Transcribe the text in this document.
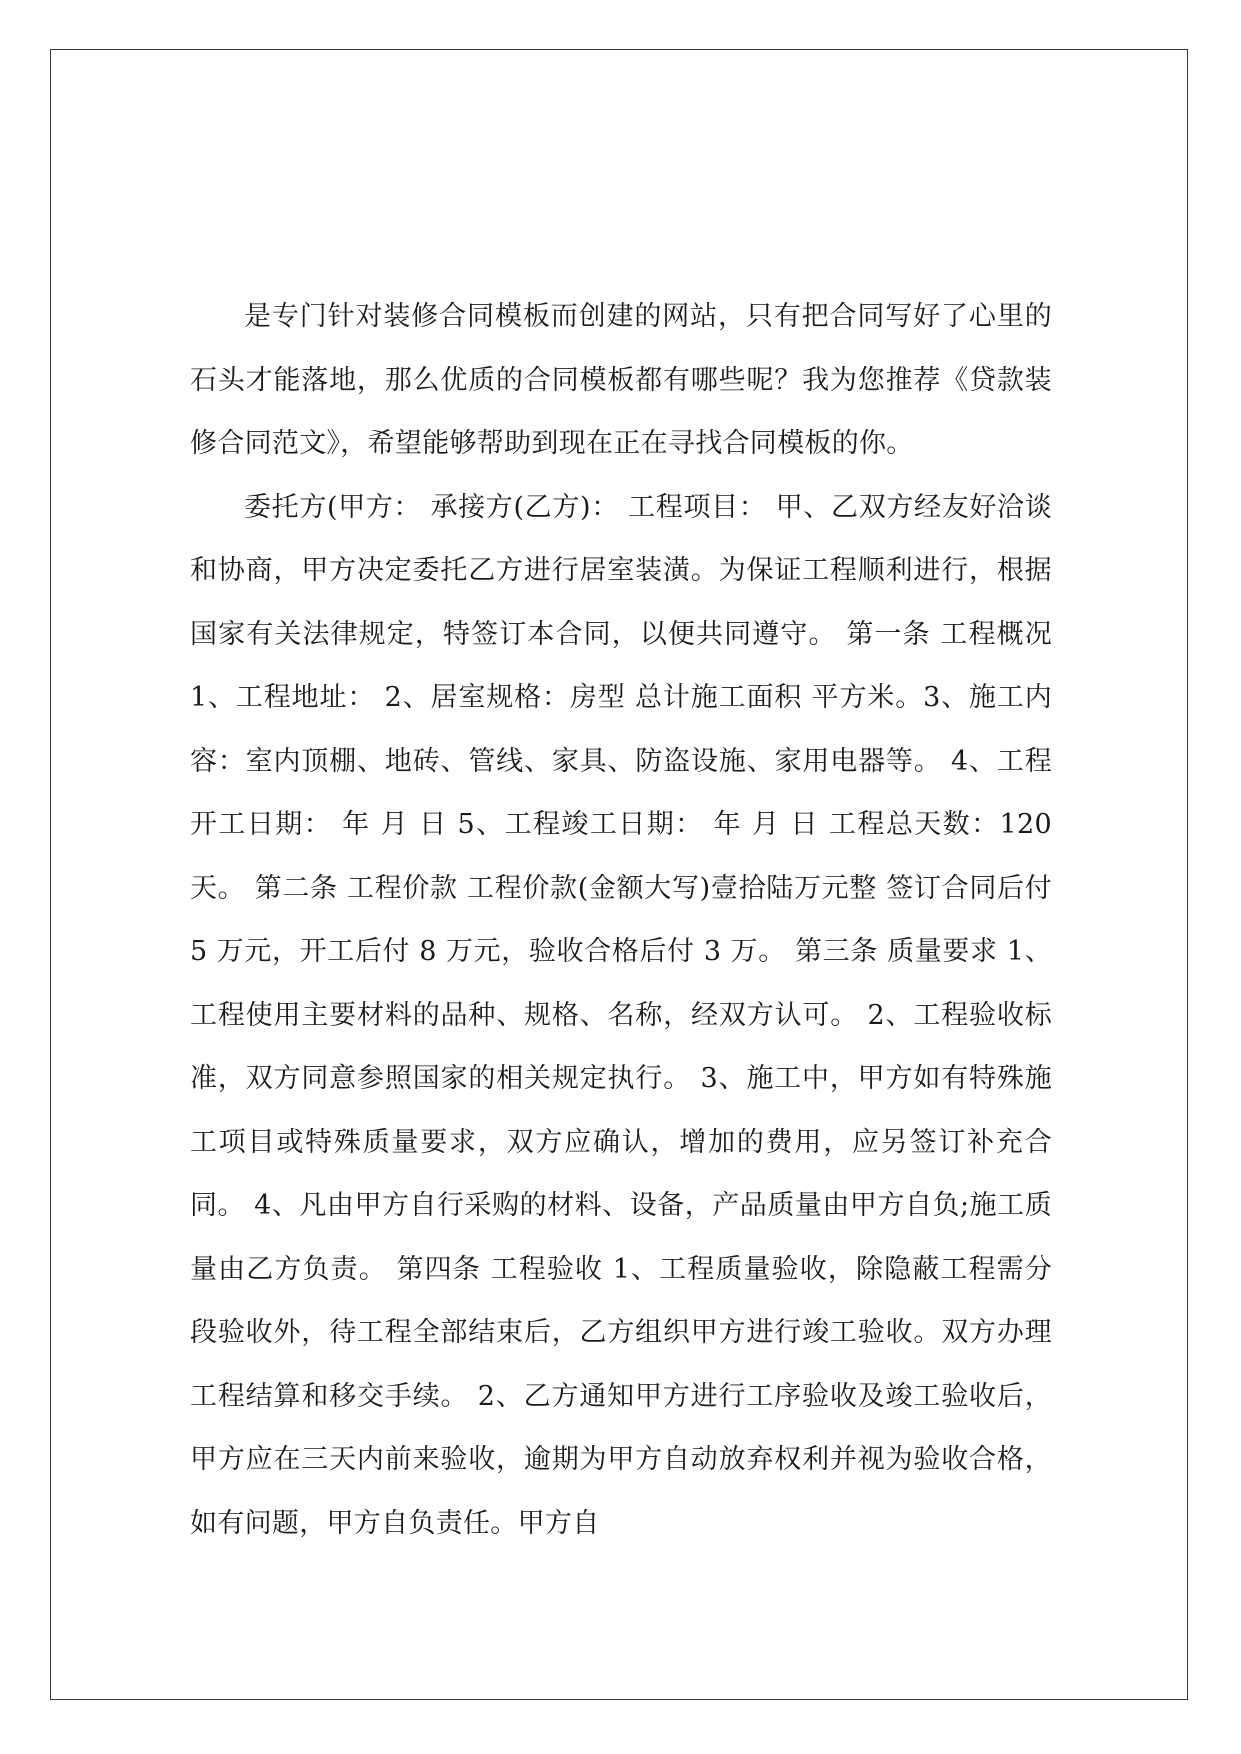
是专门针对装修合同模板而创建的网站，只有把合同写好了心里的石头才能落地，那么优质的合同模板都有哪些呢？我为您推荐《贷款装修合同范文》，希望能够帮助到现在正在寻找合同模板的你。

委托方(甲方： 承接方(乙方)： 工程项目： 甲、乙双方经友好洽谈和协商，甲方决定委托乙方进行居室装潢。为保证工程顺利进行，根据国家有关法律规定，特签订本合同，以便共同遵守。 第一条 工程概况 1、工程地址： 2、居室规格：房型 总计施工面积 平方米。3、施工内容：室内顶棚、地砖、管线、家具、防盗设施、家用电器等。 4、工程开工日期： 年 月 日 5、工程竣工日期： 年 月 日 工程总天数：120 天。 第二条 工程价款 工程价款(金额大写)壹拾陆万元整 签订合同后付 5 万元，开工后付 8 万元，验收合格后付 3 万。 第三条 质量要求 1、工程使用主要材料的品种、规格、名称，经双方认可。 2、工程验收标准，双方同意参照国家的相关规定执行。 3、施工中，甲方如有特殊施工项目或特殊质量要求，双方应确认，增加的费用，应另签订补充合同。 4、凡由甲方自行采购的材料、设备，产品质量由甲方自负;施工质量由乙方负责。 第四条 工程验收 1、工程质量验收，除隐蔽工程需分段验收外，待工程全部结束后，乙方组织甲方进行竣工验收。双方办理工程结算和移交手续。 2、乙方通知甲方进行工序验收及竣工验收后，甲方应在三天内前来验收，逾期为甲方自动放弃权利并视为验收合格，如有问题，甲方自负责任。甲方自
